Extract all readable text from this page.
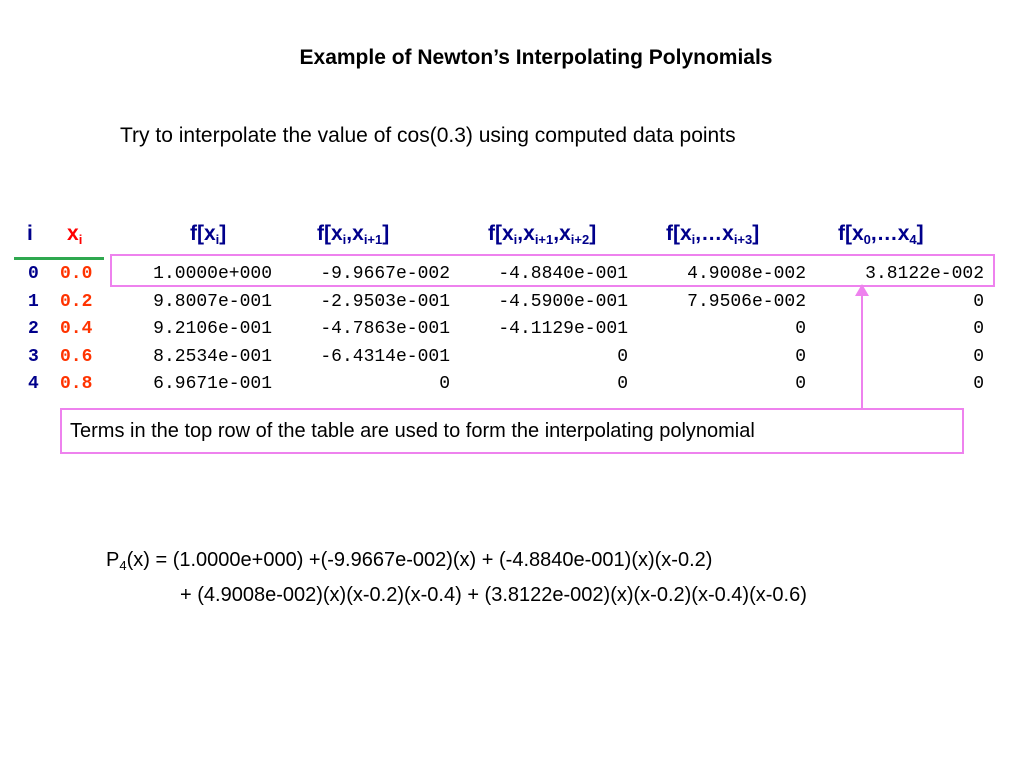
Example of Newton’s Interpolating Polynomials
Try to interpolate the value of cos(0.3) using computed data points
i $x_i$	$f[x_i]$	$f[x_i,x_{i+1}]$	$f[x_i,x_{i+1},x_{i+2}]$	$f[x_i,\dots x_{i+3}]$	$f[x_0,\dots x_4]$
0 0.0	1.0000e+000	-9.9667e-002	-4.8840e-001	4.9008e-002	3.8122e-002
1 0.2	9.8007e-001	-2.9503e-001	-4.5900e-001	7.9506e-002	0
2 0.4	9.2106e-001	-4.7863e-001	-4.1129e-001	0	0
3 0.6	8.2534e-001	-6.4314e-001	0	0	0
4 0.8	6.9671e-001	0	0	0	0
Terms in the top row of the table are used to form the interpolating polynomial
$P_4(x) = (1.0000e+000) +(-9.9667e-002)(x) + (-4.8840e-001)(x)(x-0.2)$
+ (4.9008e-002)(x)(x-0.2)(x-0.4) + (3.8122e-002)(x)(x-0.2)(x-0.4)(x-0.6)
